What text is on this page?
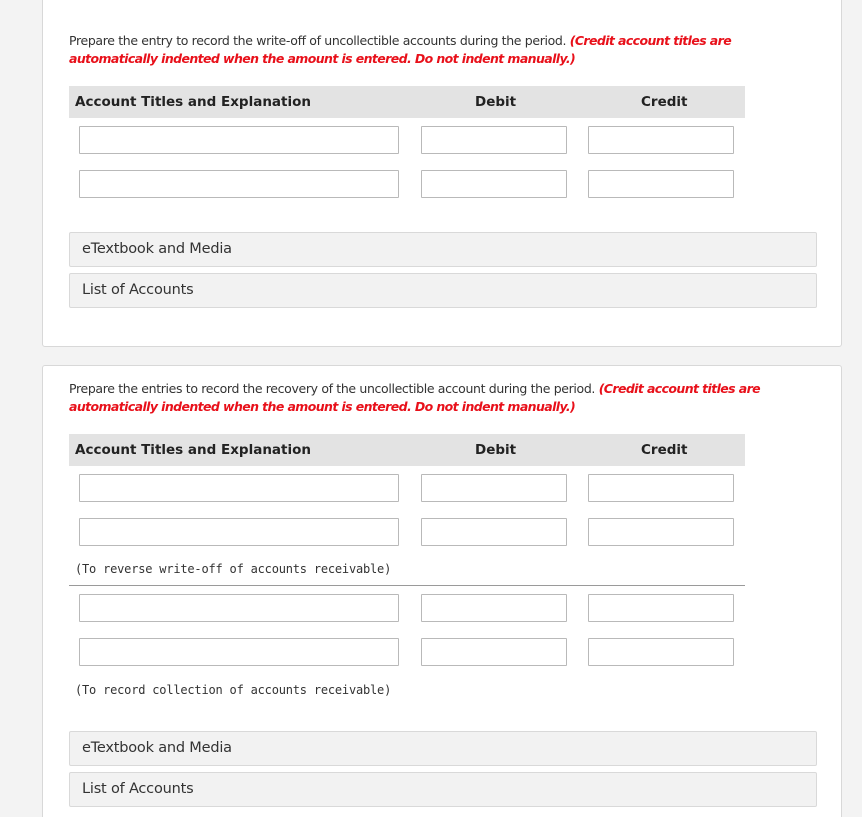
Prepare the entry to record the write-off of uncollectible accounts during the period. (Credit account titles are automatically indented when the amount is entered. Do not indent manually.)
Account Titles and Explanation	Debit	Credit
eTextbook and Media
List of Accounts
Prepare the entries to record the recovery of the uncollectible account during the period. (Credit account titles are automatically indented when the amount is entered. Do not indent manually.)
Account Titles and Explanation	Debit	Credit
(To reverse write-off of accounts receivable)
(To record collection of accounts receivable)
eTextbook and Media
List of Accounts
